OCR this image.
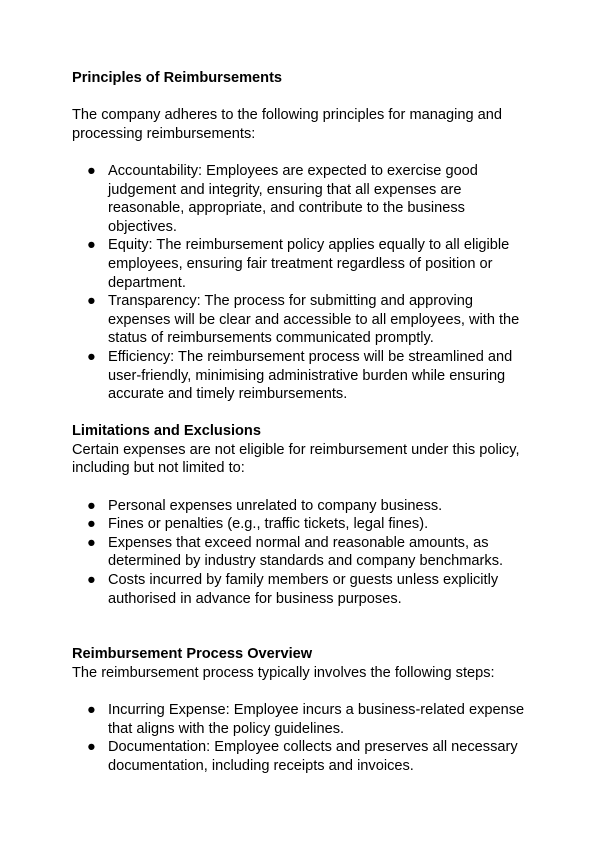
Principles of Reimbursements

The company adheres to the following principles for managing and processing reimbursements:

● Accountability: Employees are expected to exercise good judgement and integrity, ensuring that all expenses are reasonable, appropriate, and contribute to the business objectives.
● Equity: The reimbursement policy applies equally to all eligible employees, ensuring fair treatment regardless of position or department.
● Transparency: The process for submitting and approving expenses will be clear and accessible to all employees, with the status of reimbursements communicated promptly.
● Efficiency: The reimbursement process will be streamlined and user-friendly, minimising administrative burden while ensuring accurate and timely reimbursements.

Limitations and Exclusions

Certain expenses are not eligible for reimbursement under this policy, including but not limited to:

● Personal expenses unrelated to company business.
● Fines or penalties (e.g., traffic tickets, legal fines).
● Expenses that exceed normal and reasonable amounts, as determined by industry standards and company benchmarks.
● Costs incurred by family members or guests unless explicitly authorised in advance for business purposes.

Reimbursement Process Overview

The reimbursement process typically involves the following steps:

● Incurring Expense: Employee incurs a business-related expense that aligns with the policy guidelines.
● Documentation: Employee collects and preserves all necessary documentation, including receipts and invoices.
